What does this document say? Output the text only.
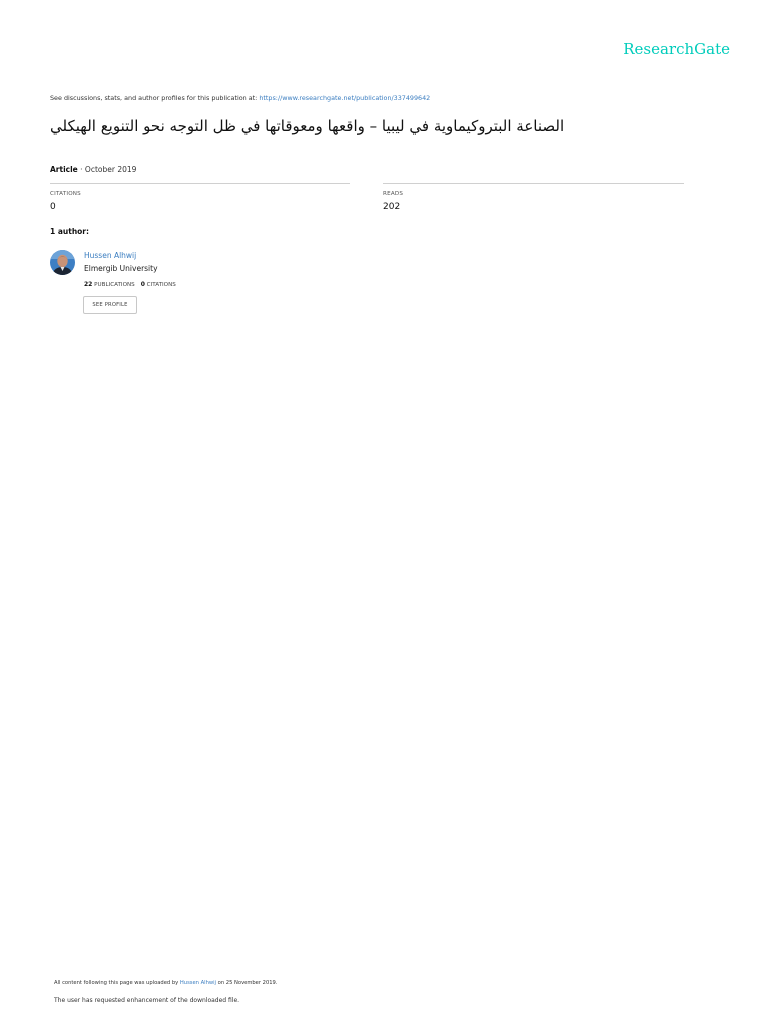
ResearchGate
See discussions, stats, and author profiles for this publication at: https://www.researchgate.net/publication/337499642
الصناعة البتروكيماوية في ليبيا – واقعها ومعوقاتها في ظل التوجه نحو التنويع الهيكلي
Article · October 2019
CITATIONS
0
READS
202
1 author:
Hussen Alhwij
Elmergib University
22 PUBLICATIONS 0 CITATIONS
SEE PROFILE
All content following this page was uploaded by Hussen Alhwij on 25 November 2019.
The user has requested enhancement of the downloaded file.
